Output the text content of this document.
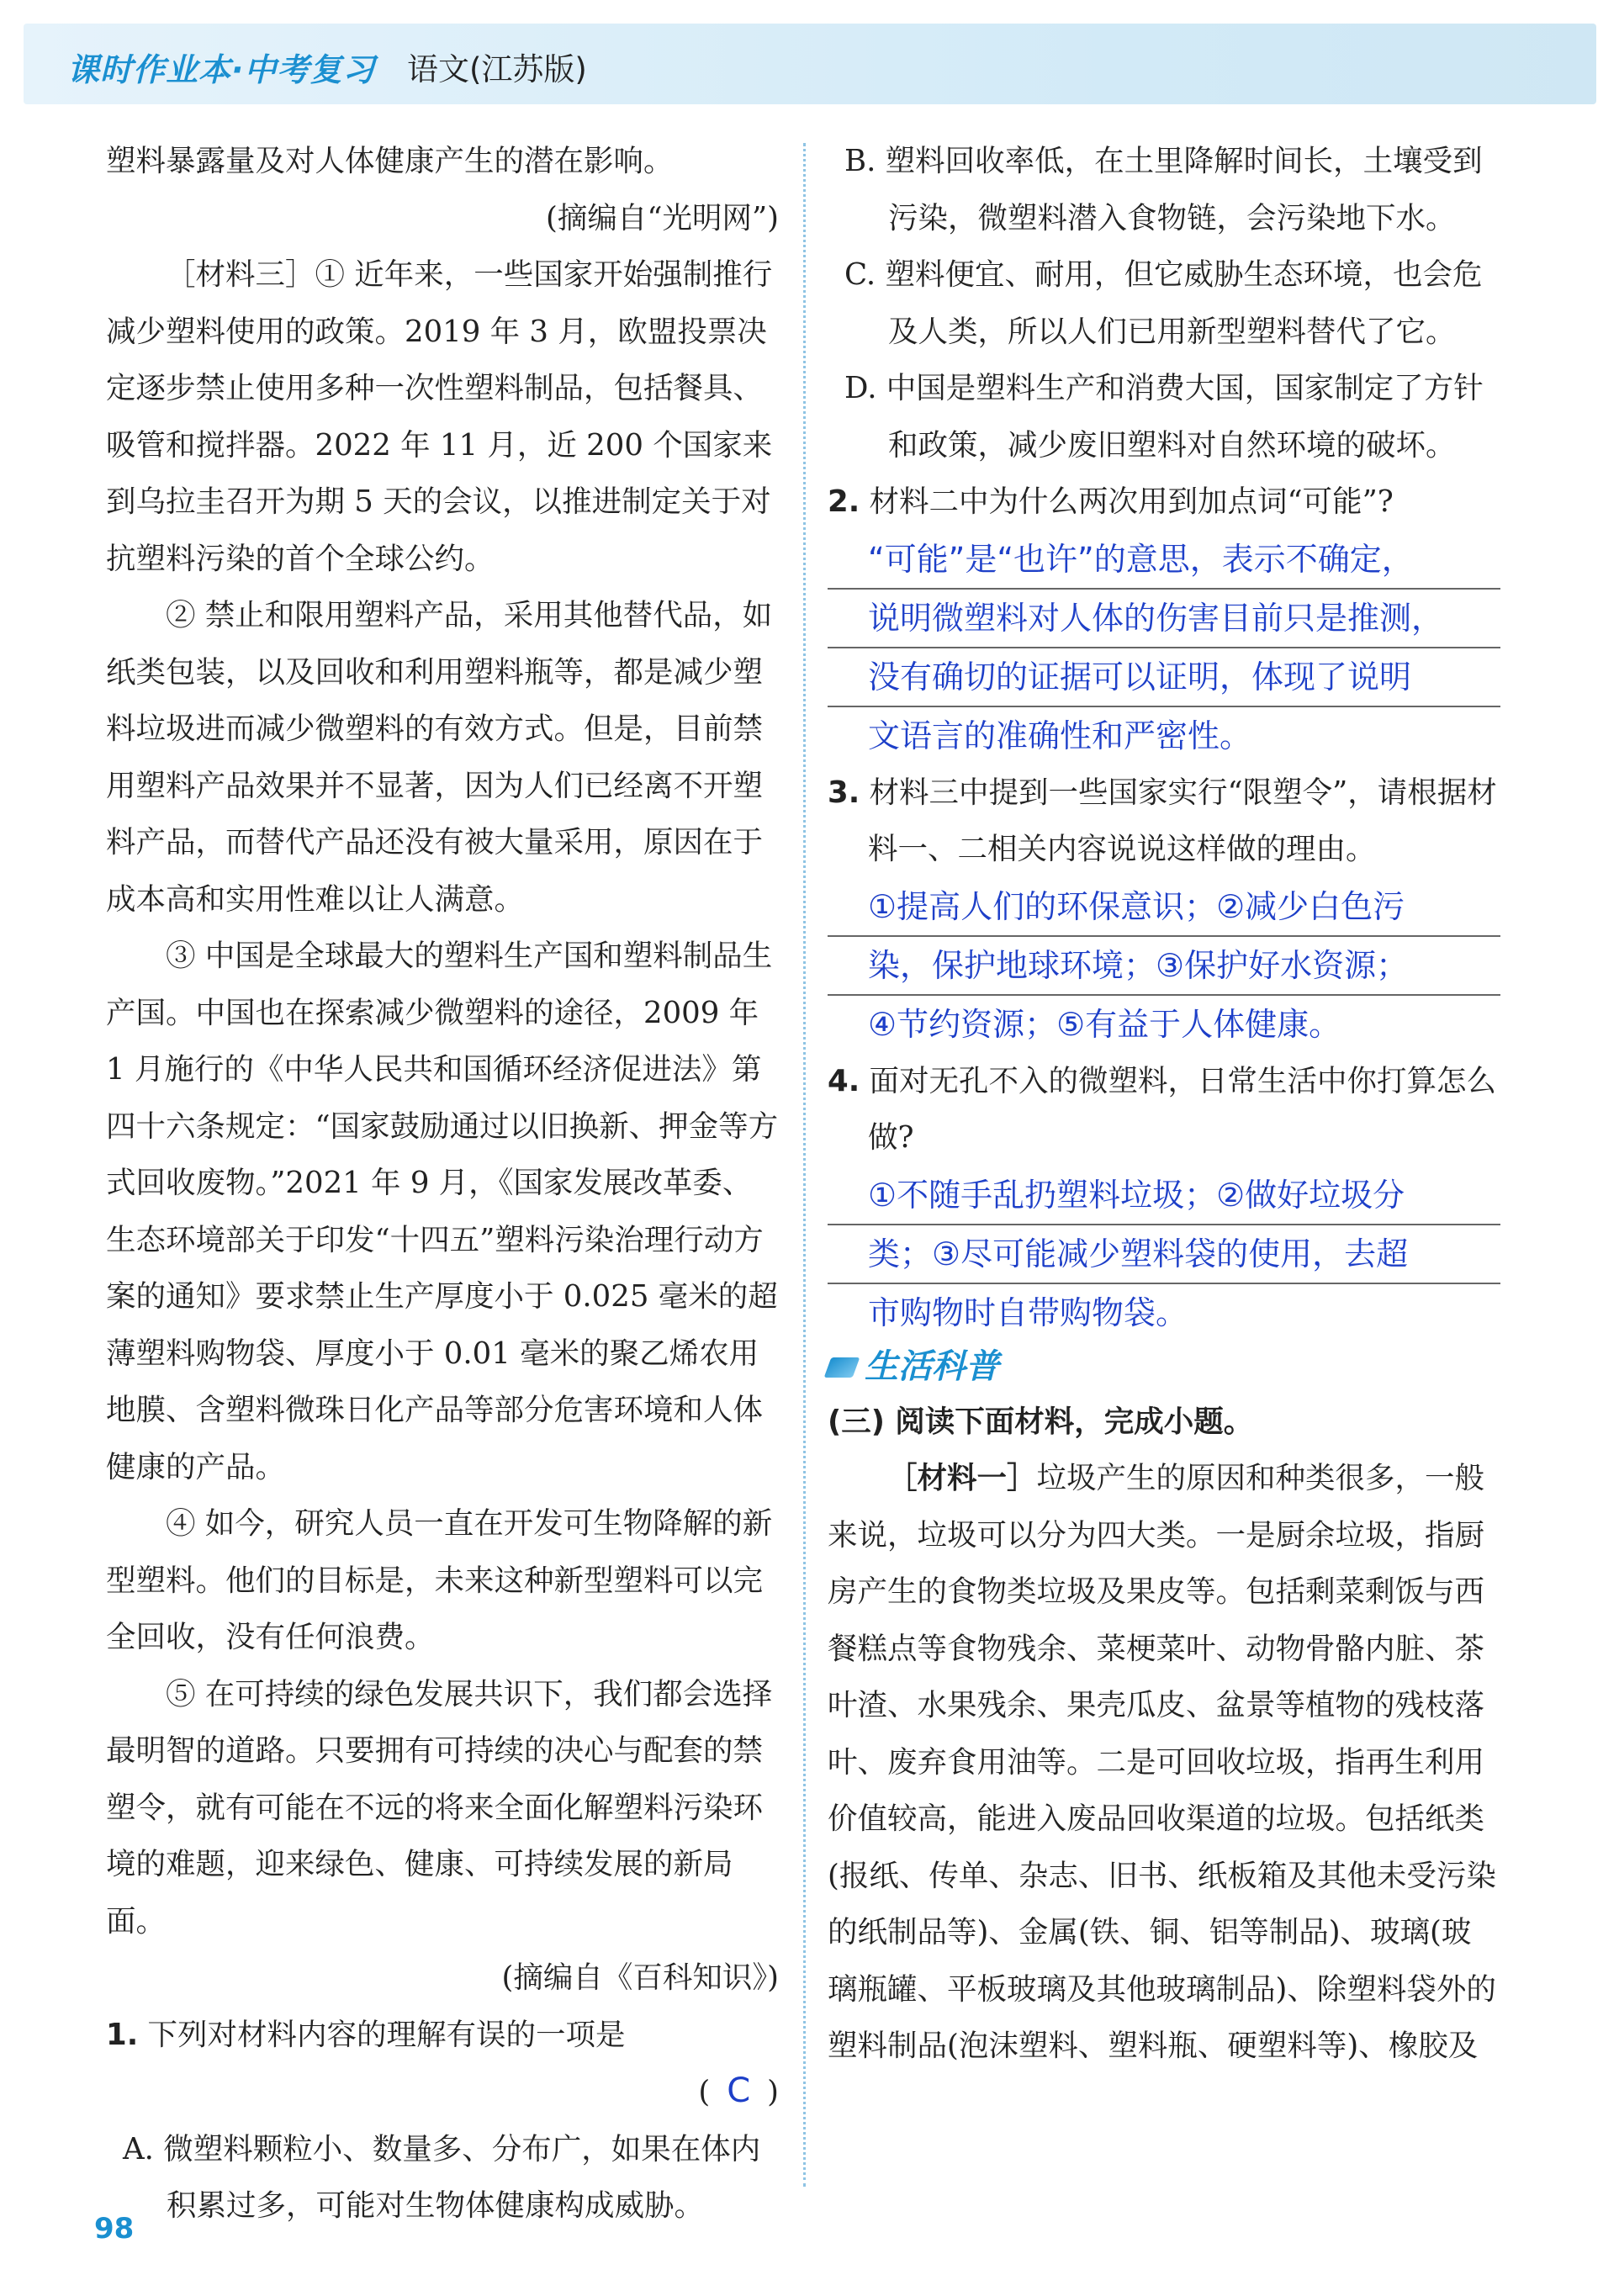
课时作业本·中考复习 语文(江苏版)

塑料暴露量及对人体健康产生的潜在影响。

(摘编自“光明网”)

［材料三］① 近年来，一些国家开始强制推行减少塑料使用的政策。2019 年 3 月，欧盟投票决定逐步禁止使用多种一次性塑料制品，包括餐具、吸管和搅拌器。2022 年 11 月，近 200 个国家来到乌拉圭召开为期 5 天的会议，以推进制定关于对抗塑料污染的首个全球公约。

② 禁止和限用塑料产品，采用其他替代品，如纸类包装，以及回收和利用塑料瓶等，都是减少塑料垃圾进而减少微塑料的有效方式。但是，目前禁用塑料产品效果并不显著，因为人们已经离不开塑料产品，而替代产品还没有被大量采用，原因在于成本高和实用性难以让人满意。

③ 中国是全球最大的塑料生产国和塑料制品生产国。中国也在探索减少微塑料的途径，2009 年 1 月施行的《中华人民共和国循环经济促进法》第四十六条规定：“国家鼓励通过以旧换新、押金等方式回收废物。”2021 年 9 月，《国家发展改革委、生态环境部关于印发“十四五”塑料污染治理行动方案的通知》要求禁止生产厚度小于 0.025 毫米的超薄塑料购物袋、厚度小于 0.01 毫米的聚乙烯农用地膜、含塑料微珠日化产品等部分危害环境和人体健康的产品。

④ 如今，研究人员一直在开发可生物降解的新型塑料。他们的目标是，未来这种新型塑料可以完全回收，没有任何浪费。

⑤ 在可持续的绿色发展共识下，我们都会选择最明智的道路。只要拥有可持续的决心与配套的禁塑令，就有可能在不远的将来全面化解塑料污染环境的难题，迎来绿色、健康、可持续发展的新局面。

(摘编自《百科知识》)

1. 下列对材料内容的理解有误的一项是

( C )

A. 微塑料颗粒小、数量多、分布广，如果在体内积累过多，可能对生物体健康构成威胁。

B. 塑料回收率低，在土里降解时间长，土壤受到污染，微塑料潜入食物链，会污染地下水。

C. 塑料便宜、耐用，但它威胁生态环境，也会危及人类，所以人们已用新型塑料替代了它。

D. 中国是塑料生产和消费大国，国家制定了方针和政策，减少废旧塑料对自然环境的破坏。

2. 材料二中为什么两次用到加点词“可能”?

“可能”是“也许”的意思，表示不确定，
说明微塑料对人体的伤害目前只是推测，
没有确切的证据可以证明，体现了说明
文语言的准确性和严密性。

3. 材料三中提到一些国家实行“限塑令”，请根据材料一、二相关内容说说这样做的理由。

①提高人们的环保意识；②减少白色污
染，保护地球环境；③保护好水资源；
④节约资源；⑤有益于人体健康。

4. 面对无孔不入的微塑料，日常生活中你打算怎么做?

①不随手乱扔塑料垃圾；②做好垃圾分
类；③尽可能减少塑料袋的使用，去超
市购物时自带购物袋。
生活科普

(三) 阅读下面材料，完成小题。

［材料一］垃圾产生的原因和种类很多，一般来说，垃圾可以分为四大类。一是厨余垃圾，指厨房产生的食物类垃圾及果皮等。包括剩菜剩饭与西餐糕点等食物残余、菜梗菜叶、动物骨骼内脏、茶叶渣、水果残余、果壳瓜皮、盆景等植物的残枝落叶、废弃食用油等。二是可回收垃圾，指再生利用价值较高，能进入废品回收渠道的垃圾。包括纸类(报纸、传单、杂志、旧书、纸板箱及其他未受污染的纸制品等)、金属(铁、铜、铝等制品)、玻璃(玻璃瓶罐、平板玻璃及其他玻璃制品)、除塑料袋外的塑料制品(泡沫塑料、塑料瓶、硬塑料等)、橡胶及

98
